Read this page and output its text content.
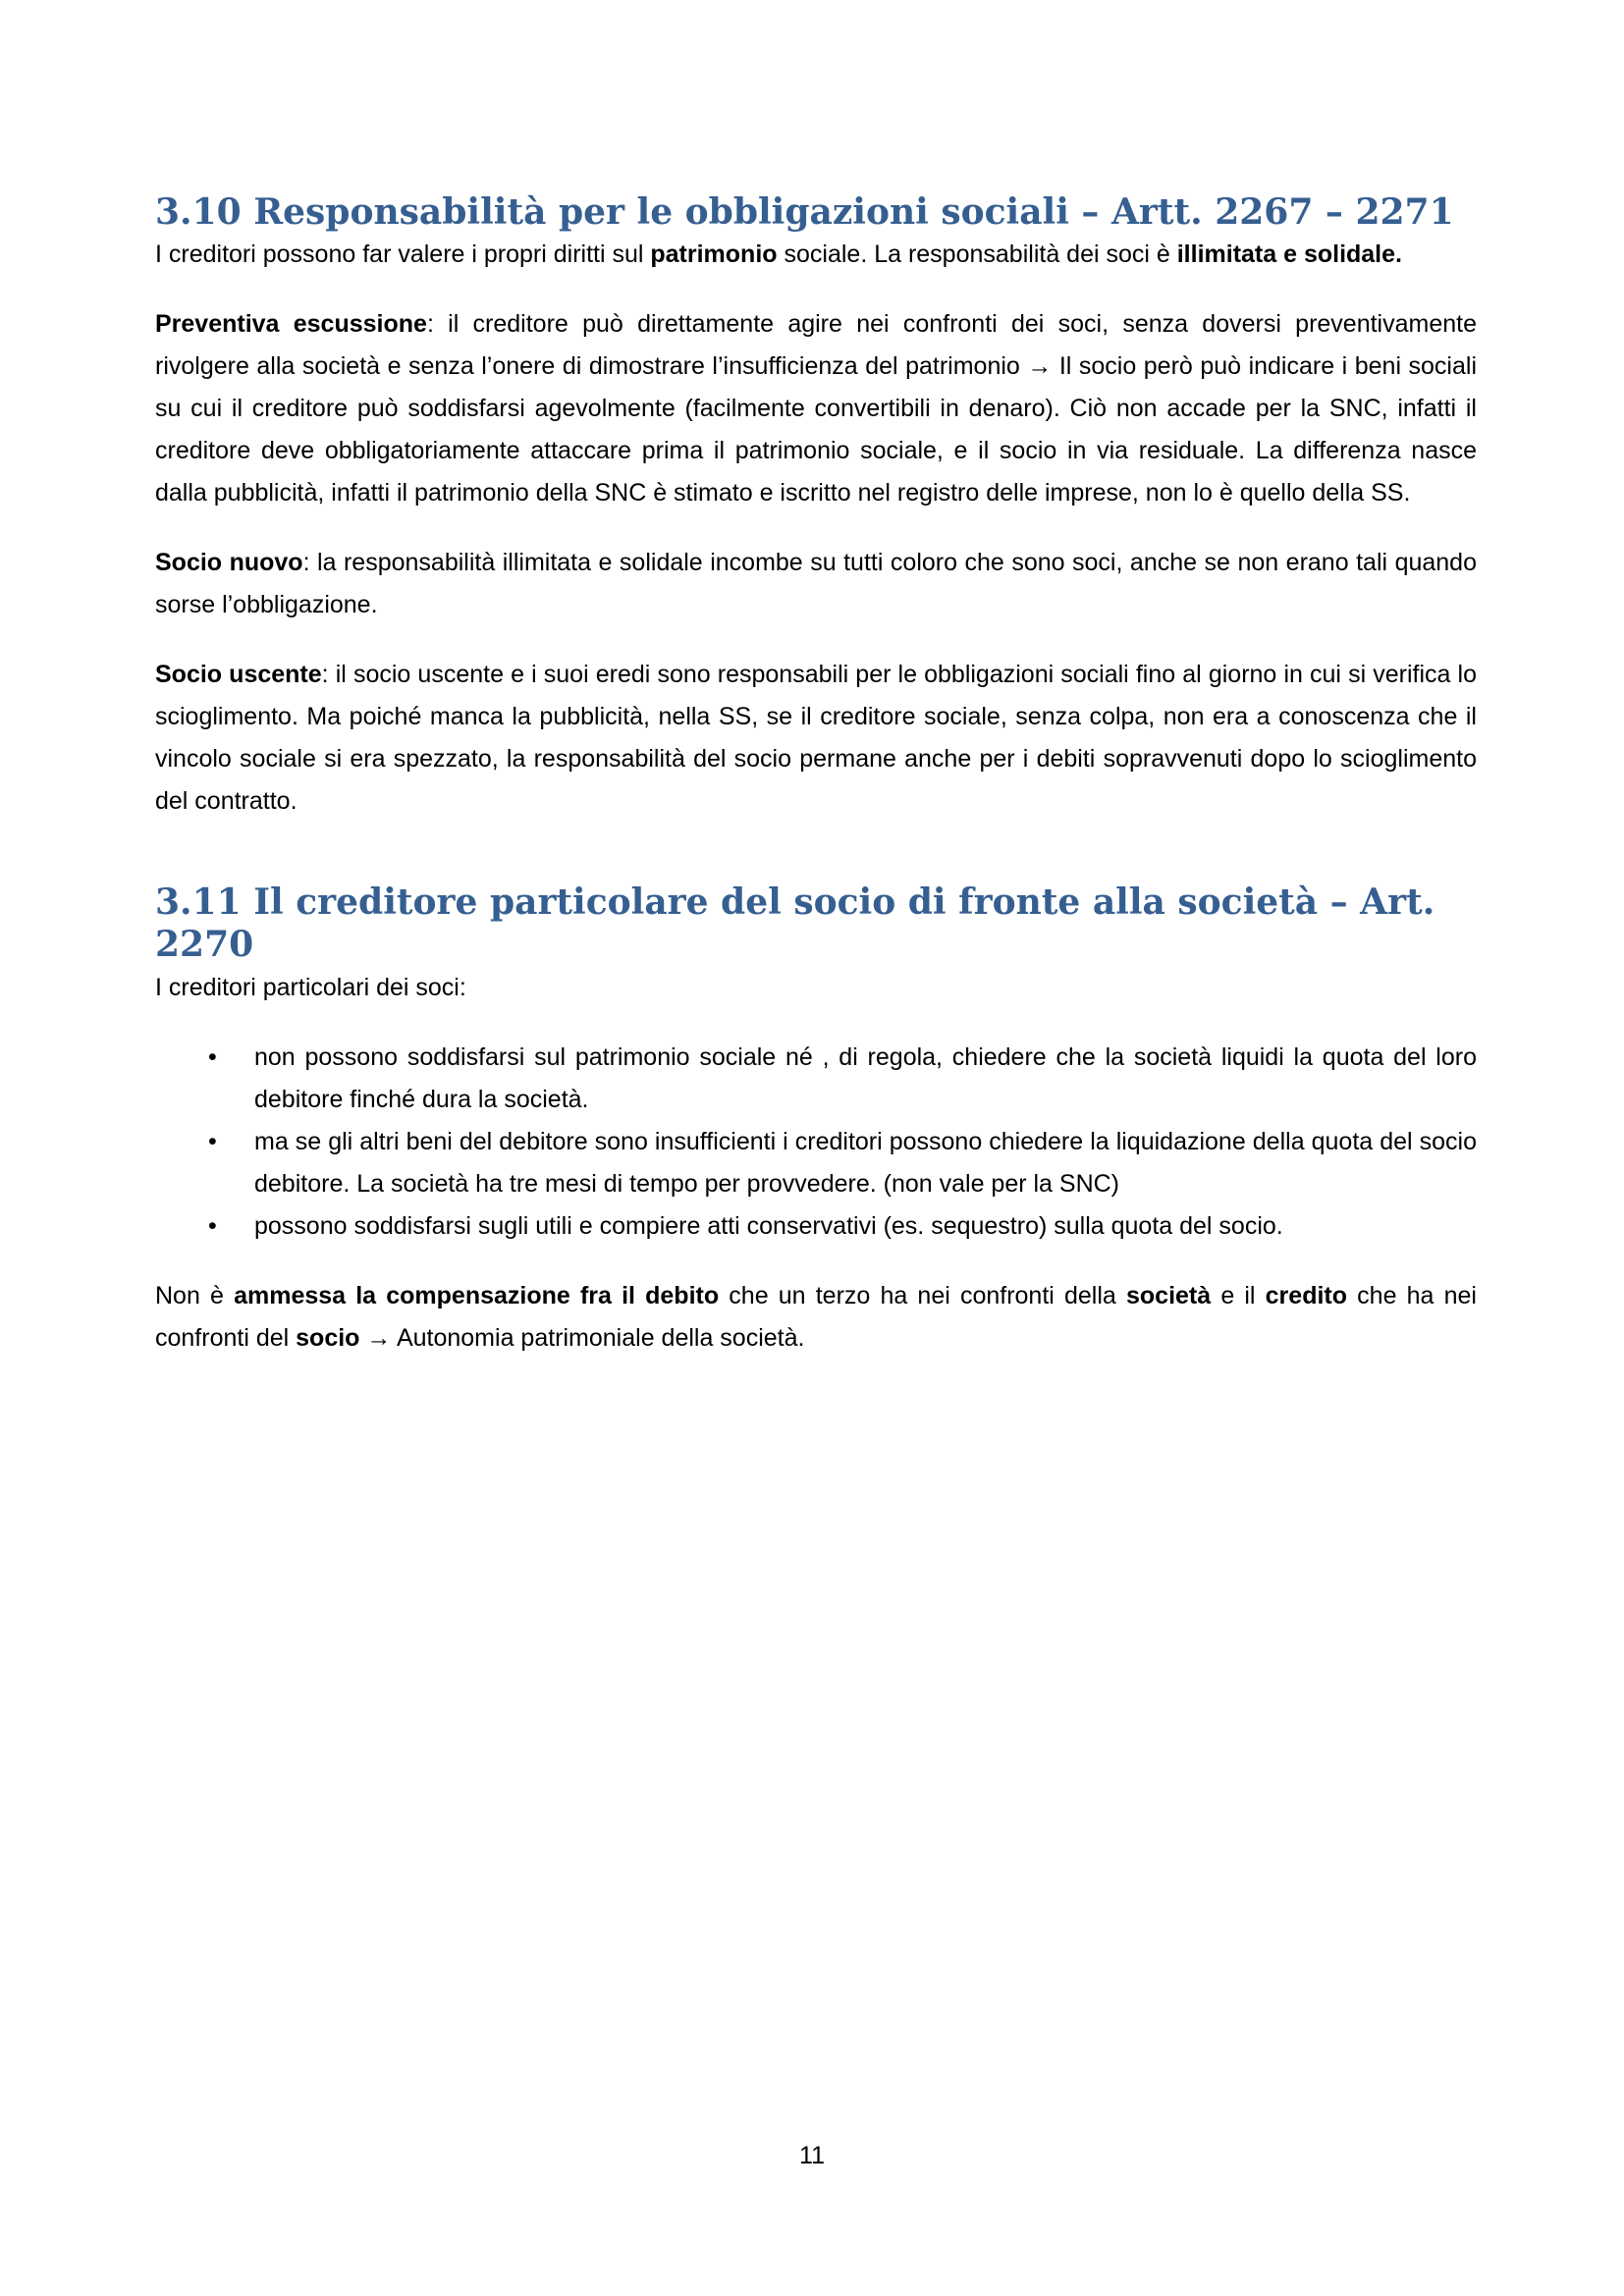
3.10 Responsabilità per le obbligazioni sociali – Artt. 2267 – 2271

I creditori possono far valere i propri diritti sul patrimonio sociale. La responsabilità dei soci è illimitata e solidale.

Preventiva escussione: il creditore può direttamente agire nei confronti dei soci, senza doversi preventivamente rivolgere alla società e senza l’onere di dimostrare l’insufficienza del patrimonio → Il socio però può indicare i beni sociali su cui il creditore può soddisfarsi agevolmente (facilmente convertibili in denaro). Ciò non accade per la SNC, infatti il creditore deve obbligatoriamente attaccare prima il patrimonio sociale, e il socio in via residuale. La differenza nasce dalla pubblicità, infatti il patrimonio della SNC è stimato e iscritto nel registro delle imprese, non lo è quello della SS.

Socio nuovo: la responsabilità illimitata e solidale incombe su tutti coloro che sono soci, anche se non erano tali quando sorse l’obbligazione.

Socio uscente: il socio uscente e i suoi eredi sono responsabili per le obbligazioni sociali fino al giorno in cui si verifica lo scioglimento. Ma poiché manca la pubblicità, nella SS, se il creditore sociale, senza colpa, non era a conoscenza che il vincolo sociale si era spezzato, la responsabilità del socio permane anche per i debiti sopravvenuti dopo lo scioglimento del contratto.

3.11 Il creditore particolare del socio di fronte alla società – Art. 2270

I creditori particolari dei soci:

• non possono soddisfarsi sul patrimonio sociale né , di regola, chiedere che la società liquidi la quota del loro debitore finché dura la società.
• ma se gli altri beni del debitore sono insufficienti i creditori possono chiedere la liquidazione della quota del socio debitore. La società ha tre mesi di tempo per provvedere. (non vale per la SNC)
• possono soddisfarsi sugli utili e compiere atti conservativi (es. sequestro) sulla quota del socio.

Non è ammessa la compensazione fra il debito che un terzo ha nei confronti della società e il credito che ha nei confronti del socio → Autonomia patrimoniale della società.

11
